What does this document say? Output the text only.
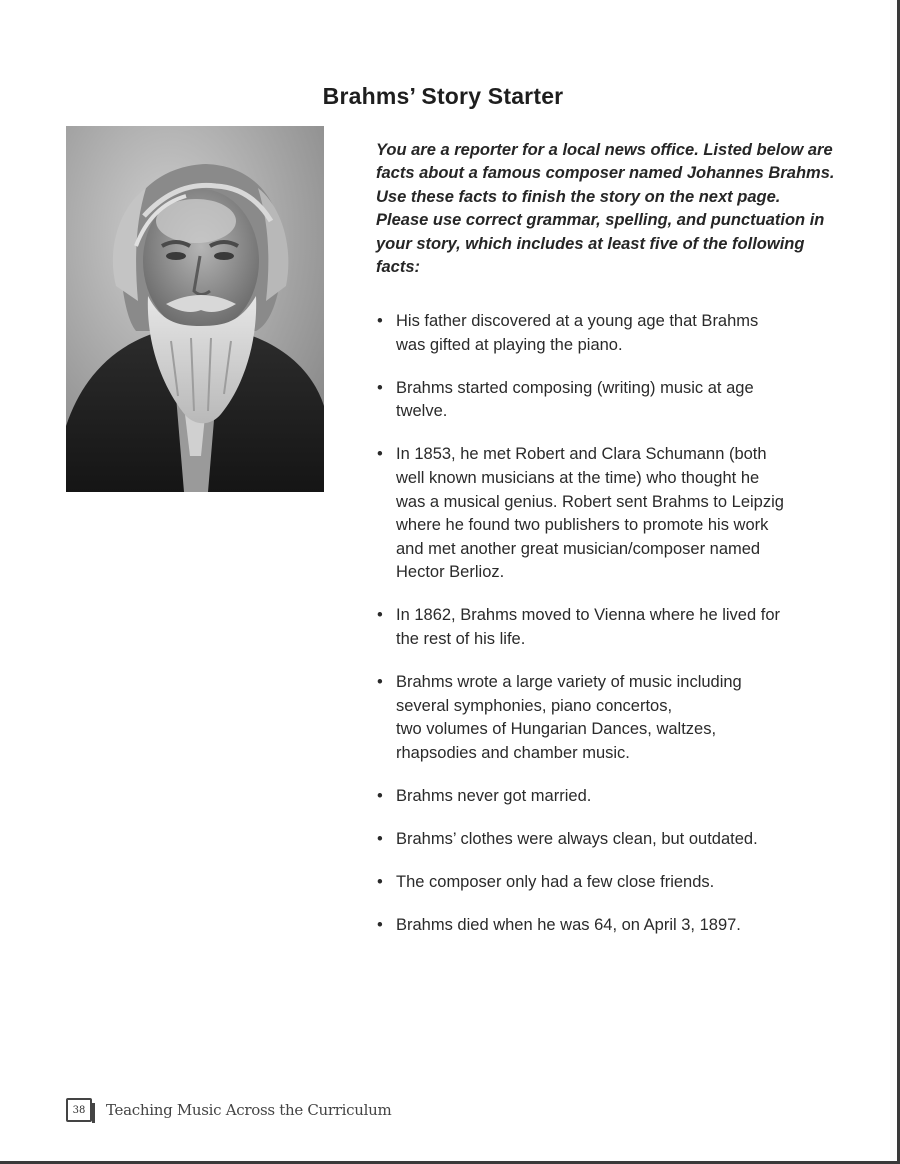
Brahms’ Story Starter

You are a reporter for a local news office. Listed below are facts about a famous composer named Johannes Brahms. Use these facts to finish the story on the next page. Please use correct grammar, spelling, and punctuation in your story, which includes at least five of the following facts:

• His father discovered at a young age that Brahms
was gifted at playing the piano.
• Brahms started composing (writing) music at age
twelve.
• In 1853, he met Robert and Clara Schumann (both
well known musicians at the time) who thought he
was a musical genius. Robert sent Brahms to Leipzig
where he found two publishers to promote his work
and met another great musician/composer named
Hector Berlioz.
• In 1862, Brahms moved to Vienna where he lived for
the rest of his life.
• Brahms wrote a large variety of music including
several symphonies, piano concertos,
two volumes of Hungarian Dances, waltzes,
rhapsodies and chamber music.
• Brahms never got married.
• Brahms’ clothes were always clean, but outdated.
• The composer only had a few close friends.
• Brahms died when he was 64, on April 3, 1897.
38	Teaching Music Across the Curriculum
